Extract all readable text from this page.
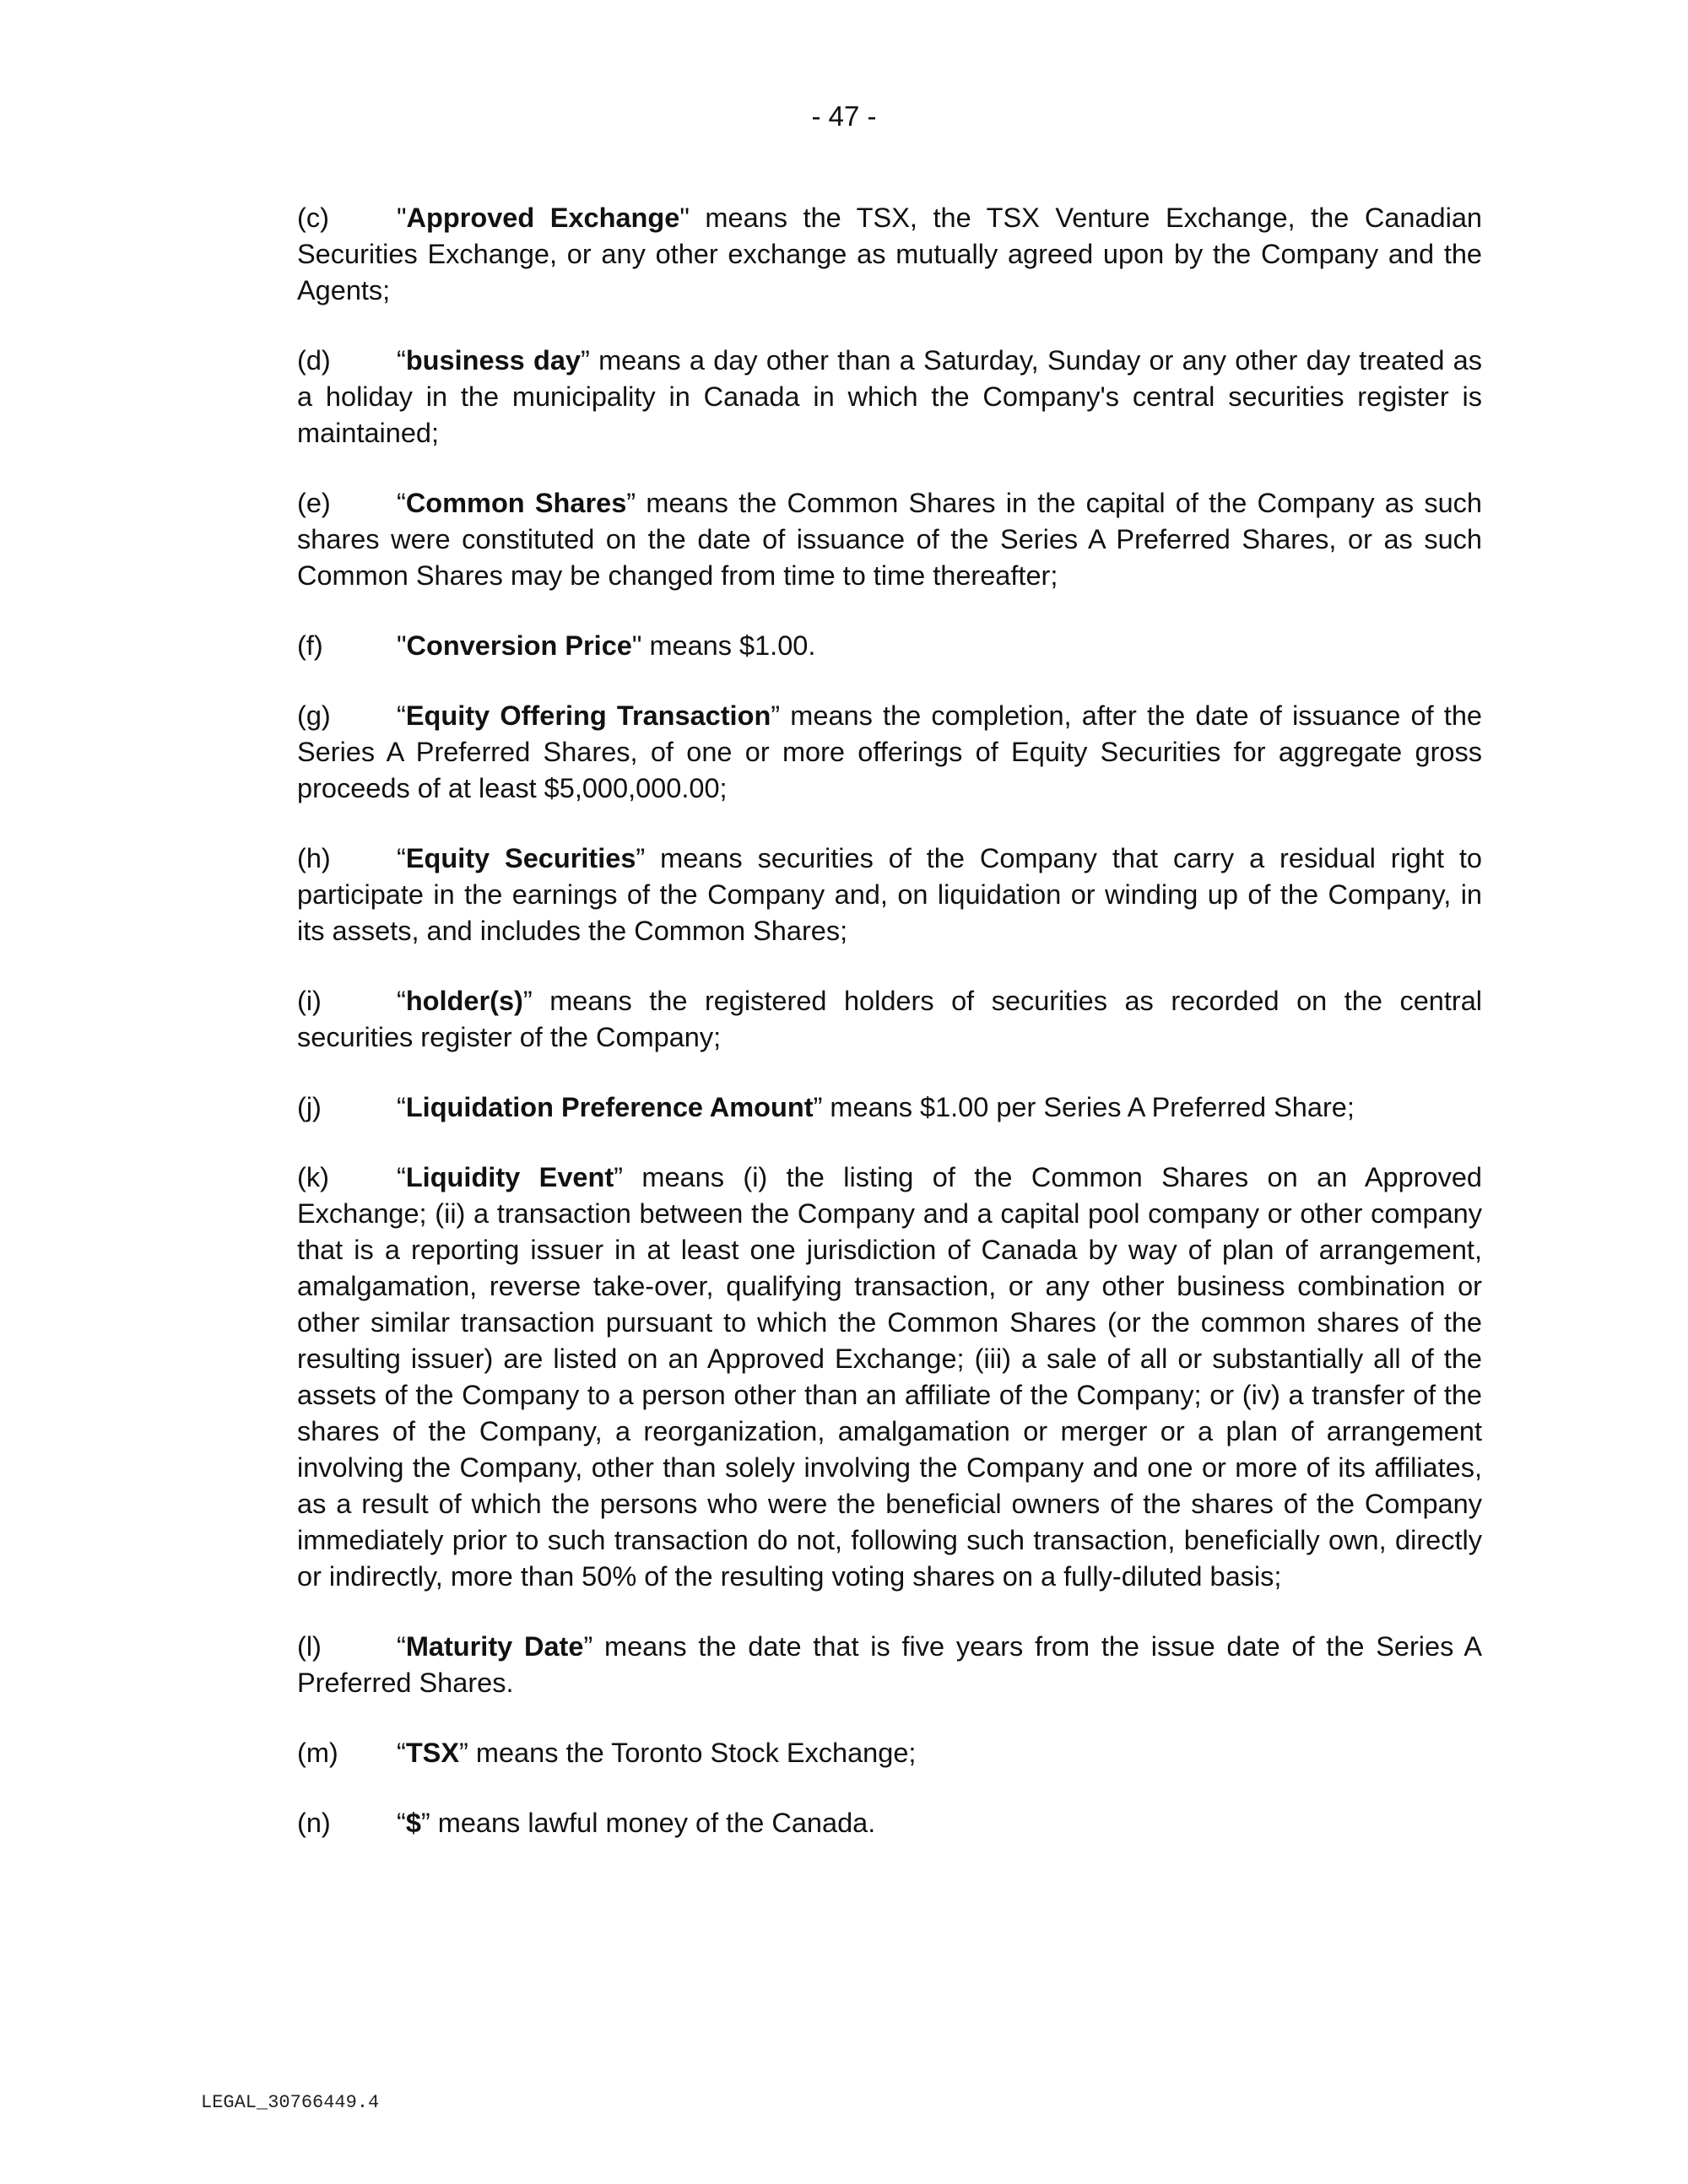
- 47 -

(c) "Approved Exchange" means the TSX, the TSX Venture Exchange, the Canadian Securities Exchange, or any other exchange as mutually agreed upon by the Company and the Agents;

(d) “business day” means a day other than a Saturday, Sunday or any other day treated as a holiday in the municipality in Canada in which the Company's central securities register is maintained;

(e) “Common Shares” means the Common Shares in the capital of the Company as such shares were constituted on the date of issuance of the Series A Preferred Shares, or as such Common Shares may be changed from time to time thereafter;

(f)	"Conversion Price" means $1.00.

(g) “Equity Offering Transaction” means the completion, after the date of issuance of the Series A Preferred Shares, of one or more offerings of Equity Securities for aggregate gross proceeds of at least $5,000,000.00;

(h) “Equity Securities” means securities of the Company that carry a residual right to participate in the earnings of the Company and, on liquidation or winding up of the Company, in its assets, and includes the Common Shares;

(i)	“holder(s)” means the registered holders of securities as recorded on the central securities register of the Company;

(j)	“Liquidation Preference Amount” means $1.00 per Series A Preferred Share;

(k) “Liquidity Event” means (i) the listing of the Common Shares on an Approved Exchange; (ii) a transaction between the Company and a capital pool company or other company that is a reporting issuer in at least one jurisdiction of Canada by way of plan of arrangement, amalgamation, reverse take-over, qualifying transaction, or any other business combination or other similar transaction pursuant to which the Common Shares (or the common shares of the resulting issuer) are listed on an Approved Exchange; (iii) a sale of all or substantially all of the assets of the Company to a person other than an affiliate of the Company; or (iv) a transfer of the shares of the Company, a reorganization, amalgamation or merger or a plan of arrangement involving the Company, other than solely involving the Company and one or more of its affiliates, as a result of which the persons who were the beneficial owners of the shares of the Company immediately prior to such transaction do not, following such transaction, beneficially own, directly or indirectly, more than 50% of the resulting voting shares on a fully-diluted basis;

(l)	“Maturity Date” means the date that is five years from the issue date of the Series A Preferred Shares.

(m) “TSX” means the Toronto Stock Exchange;

(n) “$” means lawful money of the Canada.

LEGAL_30766449.4
